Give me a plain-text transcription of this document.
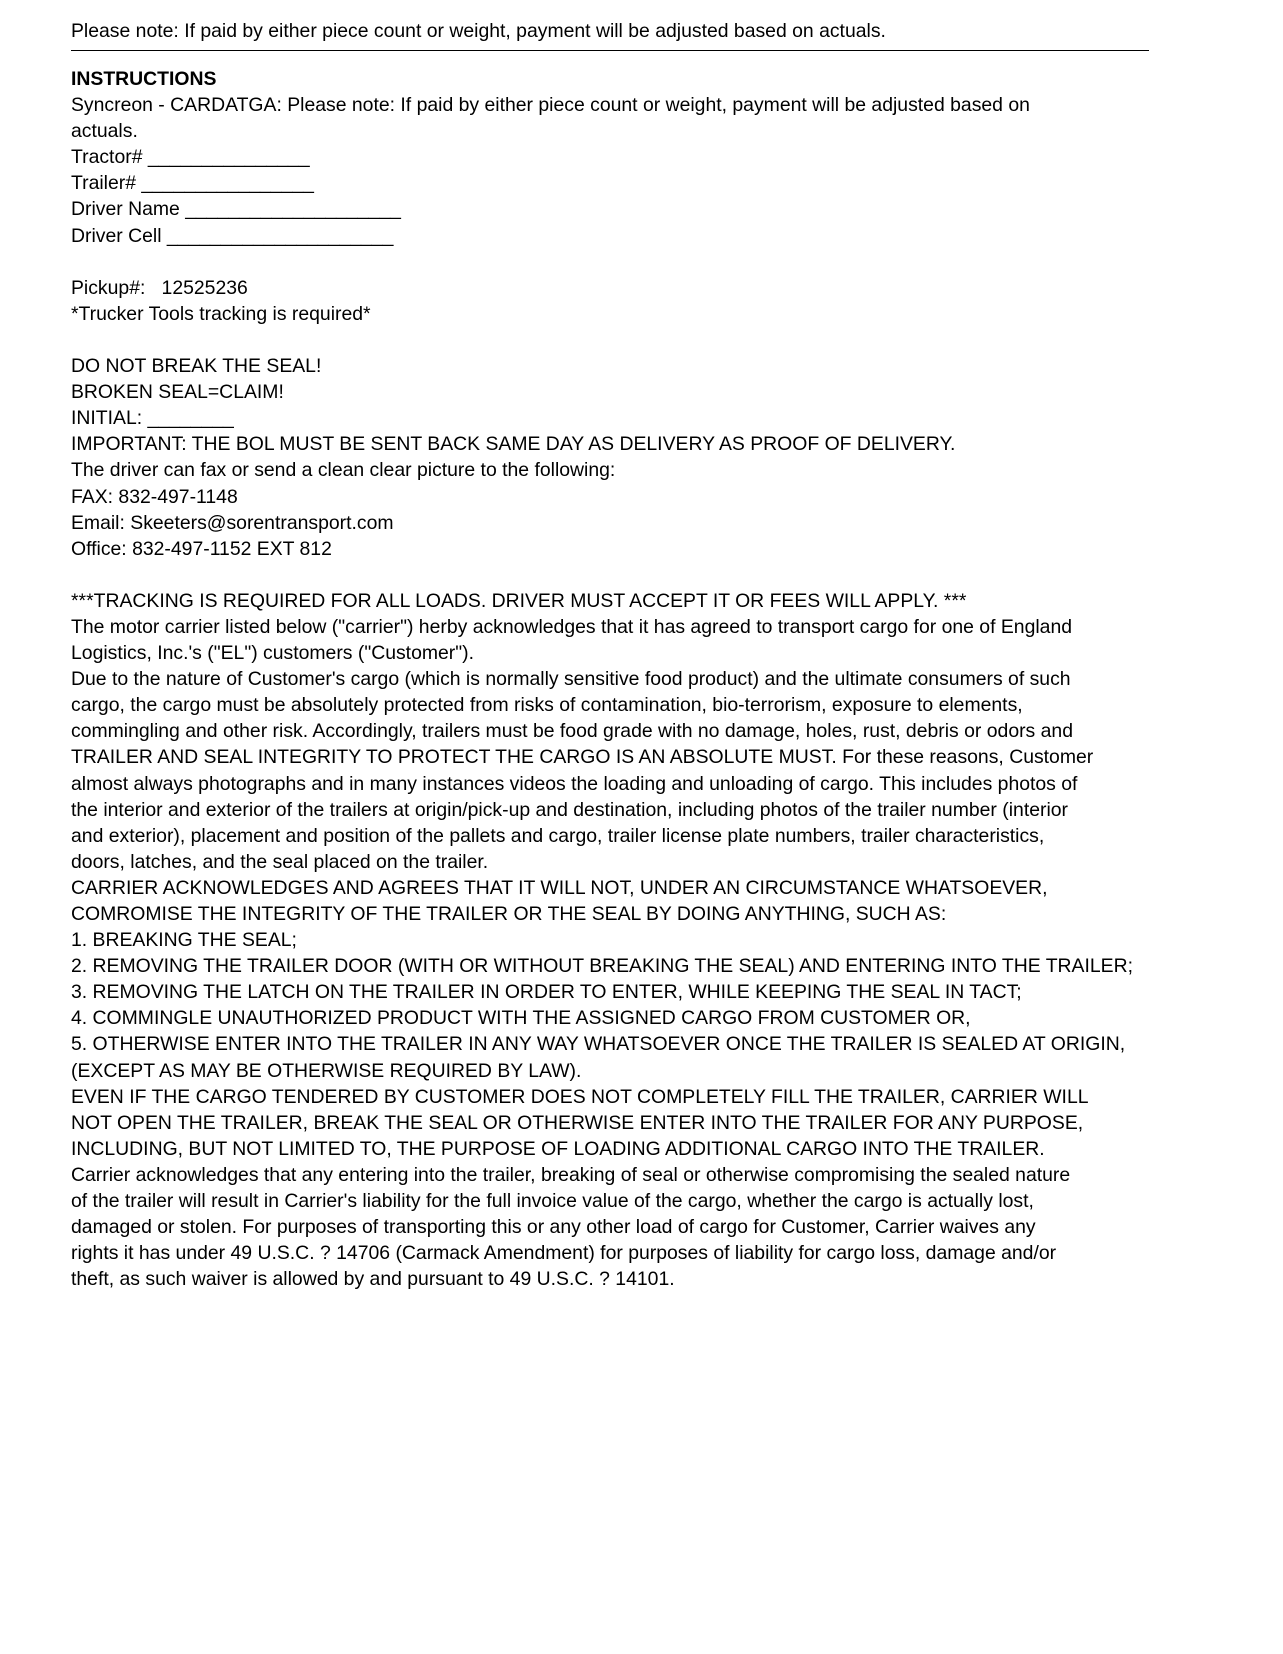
Please note: If paid by either piece count or weight, payment will be adjusted based on actuals.
INSTRUCTIONS
Syncreon - CARDATGA: Please note: If paid by either piece count or weight, payment will be adjusted based on
actuals.
Tractor# _______________
Trailer# ________________
Driver Name ____________________
Driver Cell _____________________
Pickup#:   12525236
*Trucker Tools tracking is required*
DO NOT BREAK THE SEAL!
BROKEN SEAL=CLAIM!
INITIAL: ________
IMPORTANT: THE BOL MUST BE SENT BACK SAME DAY AS DELIVERY AS PROOF OF DELIVERY.
The driver can fax or send a clean clear picture to the following:
FAX: 832-497-1148
Email: Skeeters@sorentransport.com
Office: 832-497-1152 EXT 812
***TRACKING IS REQUIRED FOR ALL LOADS. DRIVER MUST ACCEPT IT OR FEES WILL APPLY. ***
The motor carrier listed below ("carrier") herby acknowledges that it has agreed to transport cargo for one of England
Logistics, Inc.'s ("EL") customers ("Customer").
Due to the nature of Customer's cargo (which is normally sensitive food product) and the ultimate consumers of such
cargo, the cargo must be absolutely protected from risks of contamination, bio-terrorism, exposure to elements,
commingling and other risk. Accordingly, trailers must be food grade with no damage, holes, rust, debris or odors and
TRAILER AND SEAL INTEGRITY TO PROTECT THE CARGO IS AN ABSOLUTE MUST. For these reasons, Customer
almost always photographs and in many instances videos the loading and unloading of cargo. This includes photos of
the interior and exterior of the trailers at origin/pick-up and destination, including photos of the trailer number (interior
and exterior), placement and position of the pallets and cargo, trailer license plate numbers, trailer characteristics,
doors, latches, and the seal placed on the trailer.
CARRIER ACKNOWLEDGES AND AGREES THAT IT WILL NOT, UNDER AN CIRCUMSTANCE WHATSOEVER,
COMROMISE THE INTEGRITY OF THE TRAILER OR THE SEAL BY DOING ANYTHING, SUCH AS:
1. BREAKING THE SEAL;
2. REMOVING THE TRAILER DOOR (WITH OR WITHOUT BREAKING THE SEAL) AND ENTERING INTO THE TRAILER;
3. REMOVING THE LATCH ON THE TRAILER IN ORDER TO ENTER, WHILE KEEPING THE SEAL IN TACT;
4. COMMINGLE UNAUTHORIZED PRODUCT WITH THE ASSIGNED CARGO FROM CUSTOMER OR,
5. OTHERWISE ENTER INTO THE TRAILER IN ANY WAY WHATSOEVER ONCE THE TRAILER IS SEALED AT ORIGIN,
(EXCEPT AS MAY BE OTHERWISE REQUIRED BY LAW).
EVEN IF THE CARGO TENDERED BY CUSTOMER DOES NOT COMPLETELY FILL THE TRAILER, CARRIER WILL
NOT OPEN THE TRAILER, BREAK THE SEAL OR OTHERWISE ENTER INTO THE TRAILER FOR ANY PURPOSE,
INCLUDING, BUT NOT LIMITED TO, THE PURPOSE OF LOADING ADDITIONAL CARGO INTO THE TRAILER.
Carrier acknowledges that any entering into the trailer, breaking of seal or otherwise compromising the sealed nature
of the trailer will result in Carrier's liability for the full invoice value of the cargo, whether the cargo is actually lost,
damaged or stolen. For purposes of transporting this or any other load of cargo for Customer, Carrier waives any
rights it has under 49 U.S.C. ? 14706 (Carmack Amendment) for purposes of liability for cargo loss, damage and/or
theft, as such waiver is allowed by and pursuant to 49 U.S.C. ? 14101.
